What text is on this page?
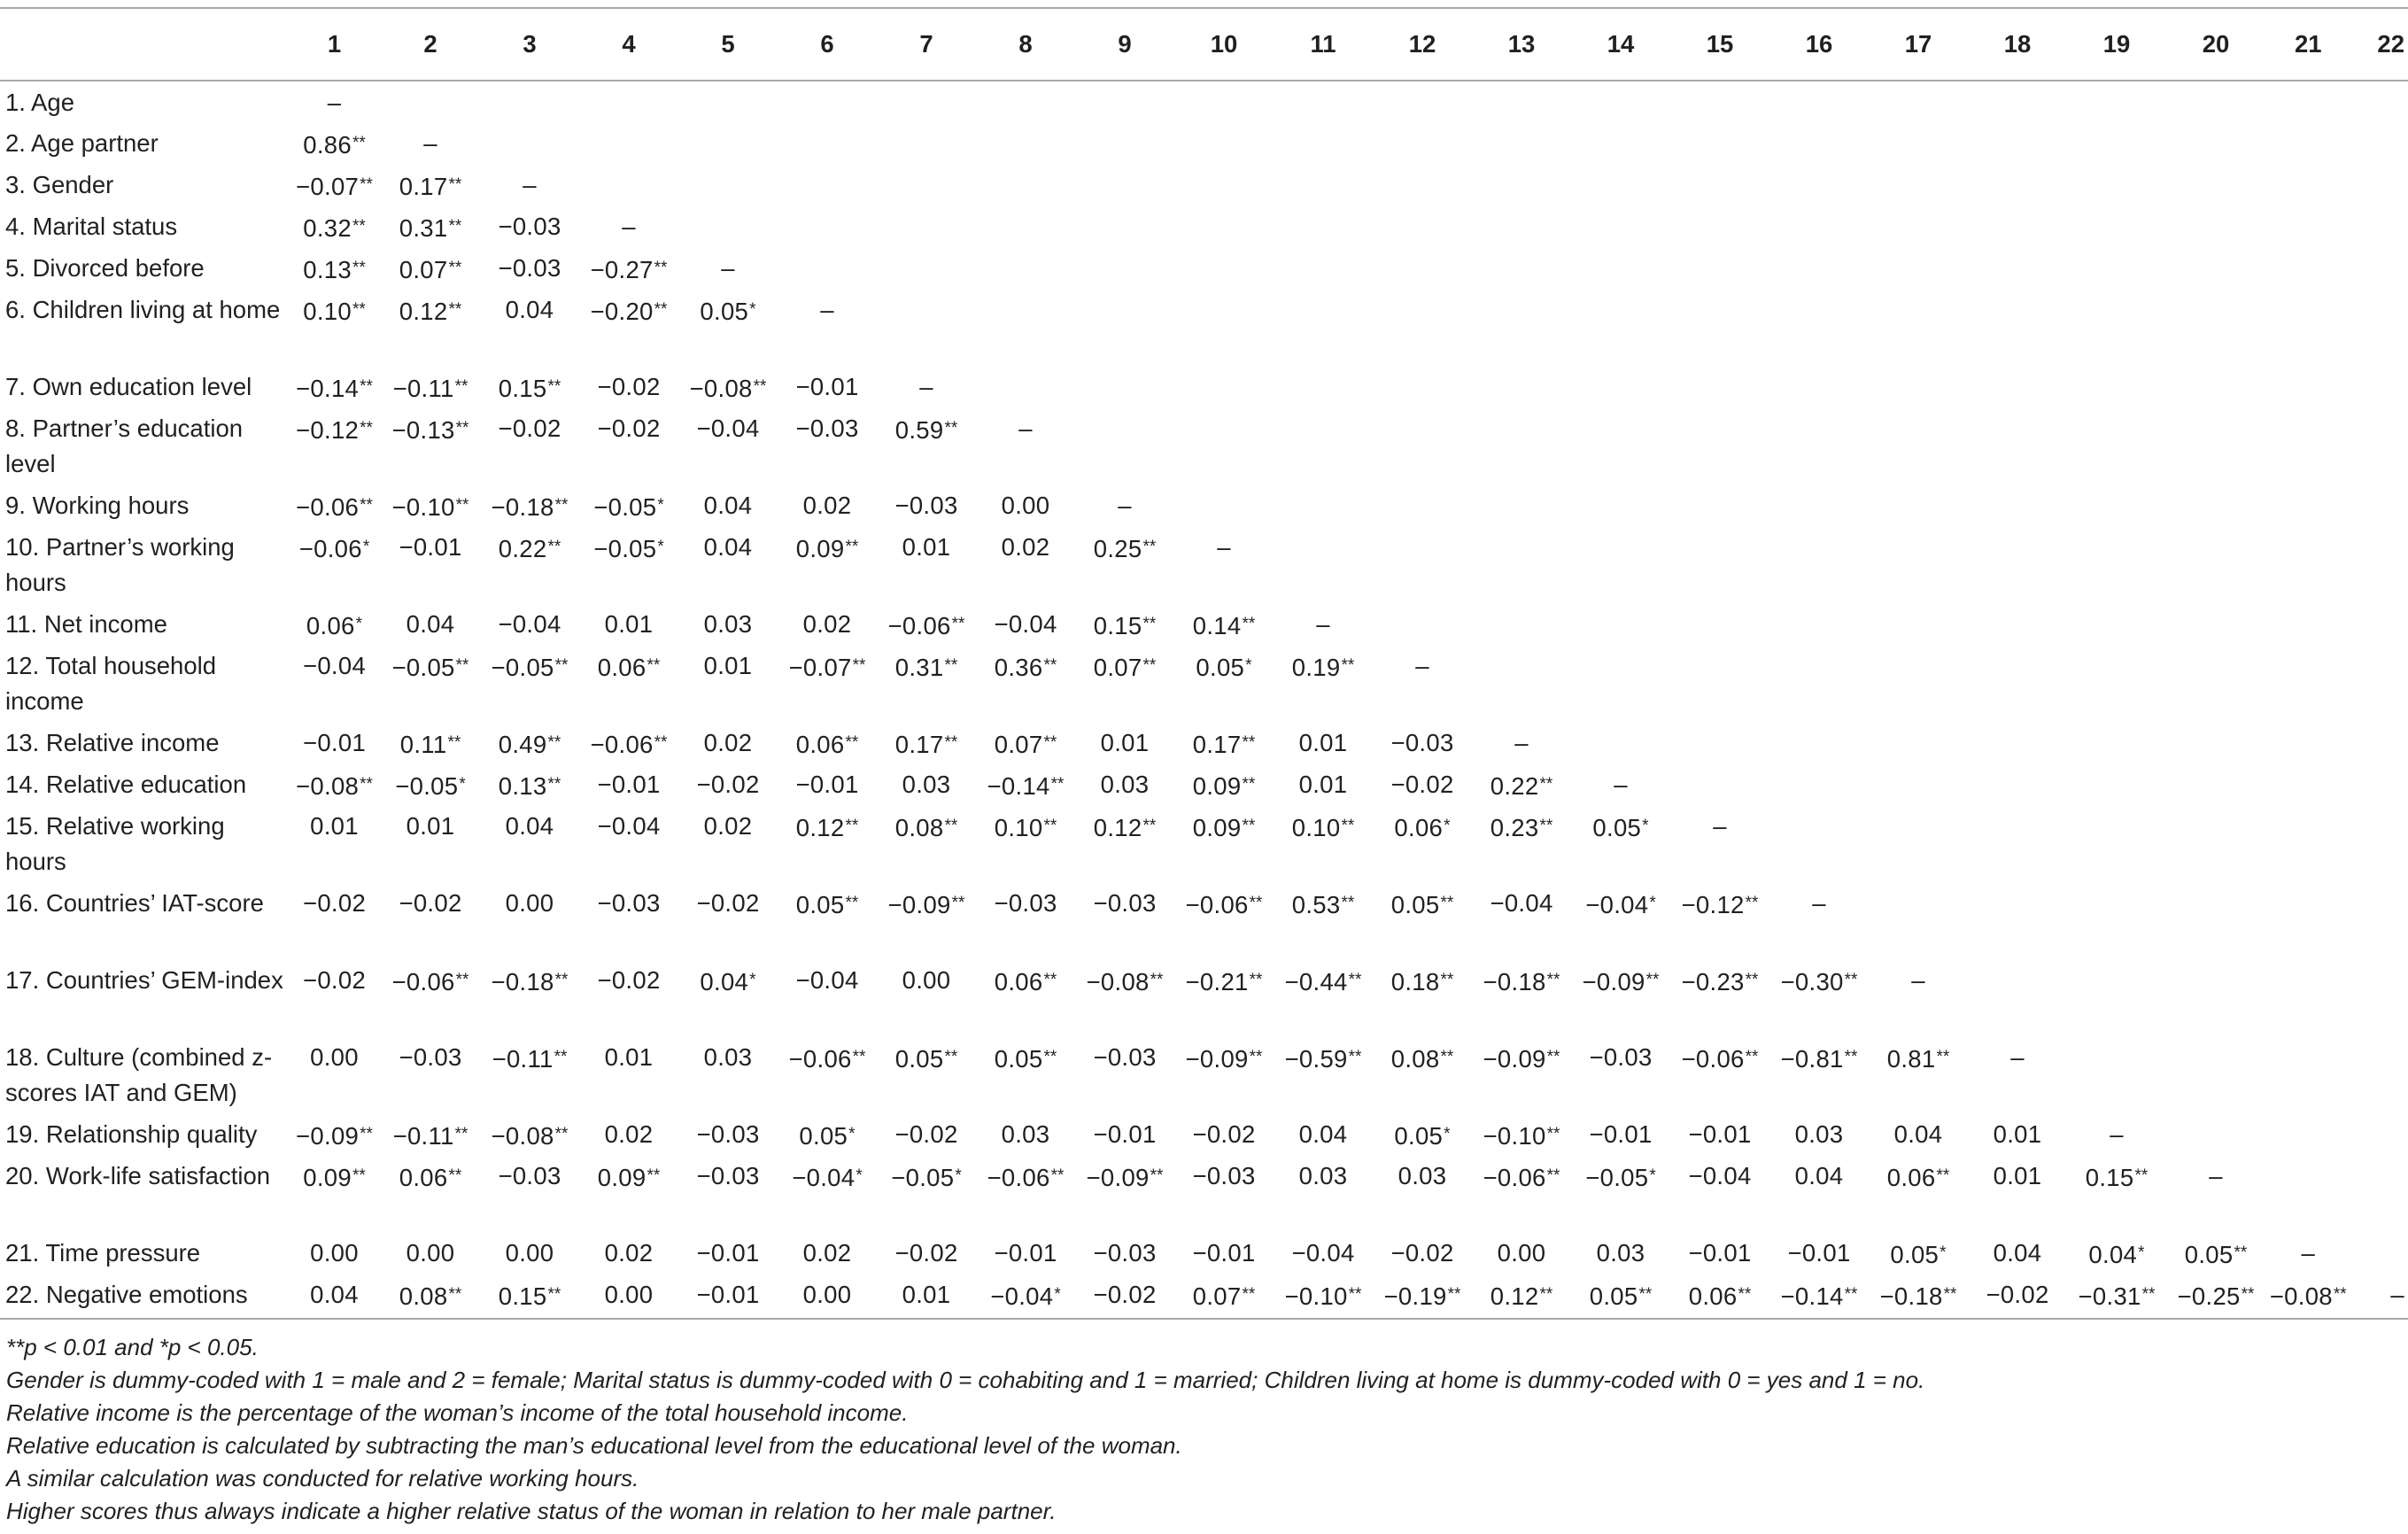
	1	2	3	4	5	6	7	8	9	10	11	12	13	14	15	16	17	18	19	20	21	22
1. Age	–																					
2. Age partner	0.86**	–																				
3. Gender	−0.07**	0.17**	–																			
4. Marital status	0.32**	0.31**	−0.03	–																		
5. Divorced before	0.13**	0.07**	−0.03	−0.27**	–																	
6. Children living at home	0.10**	0.12**	0.04	−0.20**	0.05*	–																
7. Own education level	−0.14**	−0.11**	0.15**	−0.02	−0.08**	−0.01	–															
8. Partner’s education level	−0.12**	−0.13**	−0.02	−0.02	−0.04	−0.03	0.59**	–														
9. Working hours	−0.06**	−0.10**	−0.18**	−0.05*	0.04	0.02	−0.03	0.00	–													
10. Partner’s working hours	−0.06*	−0.01	0.22**	−0.05*	0.04	0.09**	0.01	0.02	0.25**	–												
11. Net income	0.06*	0.04	−0.04	0.01	0.03	0.02	−0.06**	−0.04	0.15**	0.14**	–											
12. Total household income	−0.04	−0.05**	−0.05**	0.06**	0.01	−0.07**	0.31**	0.36**	0.07**	0.05*	0.19**	–										
13. Relative income	−0.01	0.11**	0.49**	−0.06**	0.02	0.06**	0.17**	0.07**	0.01	0.17**	0.01	−0.03	–									
14. Relative education	−0.08**	−0.05*	0.13**	−0.01	−0.02	−0.01	0.03	−0.14**	0.03	0.09**	0.01	−0.02	0.22**	–								
15. Relative working hours	0.01	0.01	0.04	−0.04	0.02	0.12**	0.08**	0.10**	0.12**	0.09**	0.10**	0.06*	0.23**	0.05*	–							
16. Countries’ IAT-score	−0.02	−0.02	0.00	−0.03	−0.02	0.05**	−0.09**	−0.03	−0.03	−0.06**	0.53**	0.05**	−0.04	−0.04*	−0.12**	–						
17. Countries’ GEM-index	−0.02	−0.06**	−0.18**	−0.02	0.04*	−0.04	0.00	0.06**	−0.08**	−0.21**	−0.44**	0.18**	−0.18**	−0.09**	−0.23**	−0.30**	–					
18. Culture (combined z-scores IAT and GEM)	0.00	−0.03	−0.11**	0.01	0.03	−0.06**	0.05**	0.05**	−0.03	−0.09**	−0.59**	0.08**	−0.09**	−0.03	−0.06**	−0.81**	0.81**	–				
19. Relationship quality	−0.09**	−0.11**	−0.08**	0.02	−0.03	0.05*	−0.02	0.03	−0.01	−0.02	0.04	0.05*	−0.10**	−0.01	−0.01	0.03	0.04	0.01	–			
20. Work-life satisfaction	0.09**	0.06**	−0.03	0.09**	−0.03	−0.04*	−0.05*	−0.06**	−0.09**	−0.03	0.03	0.03	−0.06**	−0.05*	−0.04	0.04	0.06**	0.01	0.15**	–		
21. Time pressure	0.00	0.00	0.00	0.02	−0.01	0.02	−0.02	−0.01	−0.03	−0.01	−0.04	−0.02	0.00	0.03	−0.01	−0.01	0.05*	0.04	0.04*	0.05**	–	
22. Negative emotions	0.04	0.08**	0.15**	0.00	−0.01	0.00	0.01	−0.04*	−0.02	0.07**	−0.10**	−0.19**	0.12**	0.05**	0.06**	−0.14**	−0.18**	−0.02	−0.31**	−0.25**	−0.08**	–
**p < 0.01 and *p < 0.05.
Gender is dummy-coded with 1 = male and 2 = female; Marital status is dummy-coded with 0 = cohabiting and 1 = married; Children living at home is dummy-coded with 0 = yes and 1 = no.
Relative income is the percentage of the woman’s income of the total household income.
Relative education is calculated by subtracting the man’s educational level from the educational level of the woman.
A similar calculation was conducted for relative working hours.
Higher scores thus always indicate a higher relative status of the woman in relation to her male partner.
